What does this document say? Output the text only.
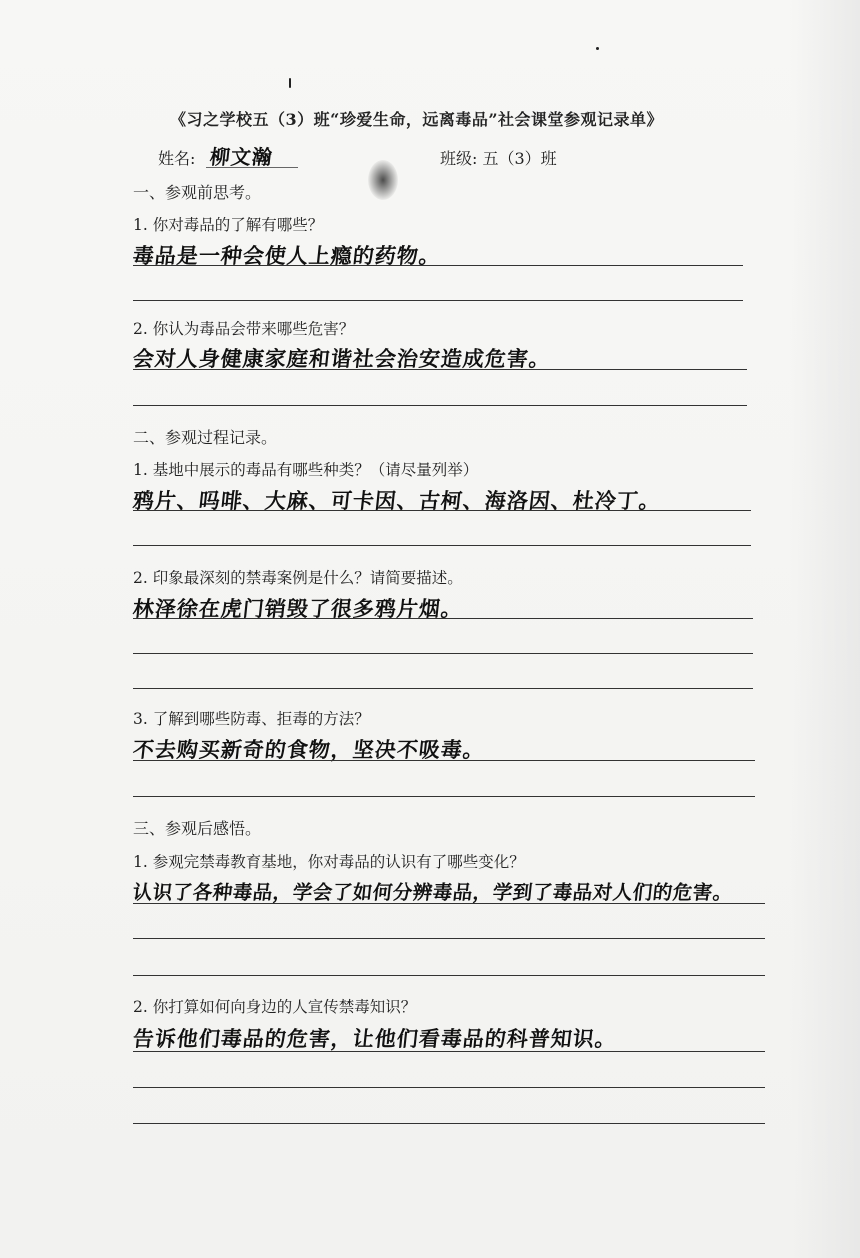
《习之学校五（3）班“珍爱生命，远离毒品”社会课堂参观记录单》
姓名: 柳文瀚	班级: 五（3）班
一、参观前思考。
1. 你对毒品的了解有哪些？
毒品是一种会使人上瘾的药物。
2. 你认为毒品会带来哪些危害？
会对人身健康家庭和谐社会治安造成危害。
二、参观过程记录。
1. 基地中展示的毒品有哪些种类？（请尽量列举）
鸦片、吗啡、大麻、可卡因、古柯、海洛因、杜冷丁。
2. 印象最深刻的禁毒案例是什么？请简要描述。
林泽徐在虎门销毁了很多鸦片烟。
3. 了解到哪些防毒、拒毒的方法？
不去购买新奇的食物，坚决不吸毒。
三、参观后感悟。
1. 参观完禁毒教育基地，你对毒品的认识有了哪些变化？
认识了各种毒品，学会了如何分辨毒品，学到了毒品对人们的危害。
2. 你打算如何向身边的人宣传禁毒知识？
告诉他们毒品的危害，让他们看毒品的科普知识。
